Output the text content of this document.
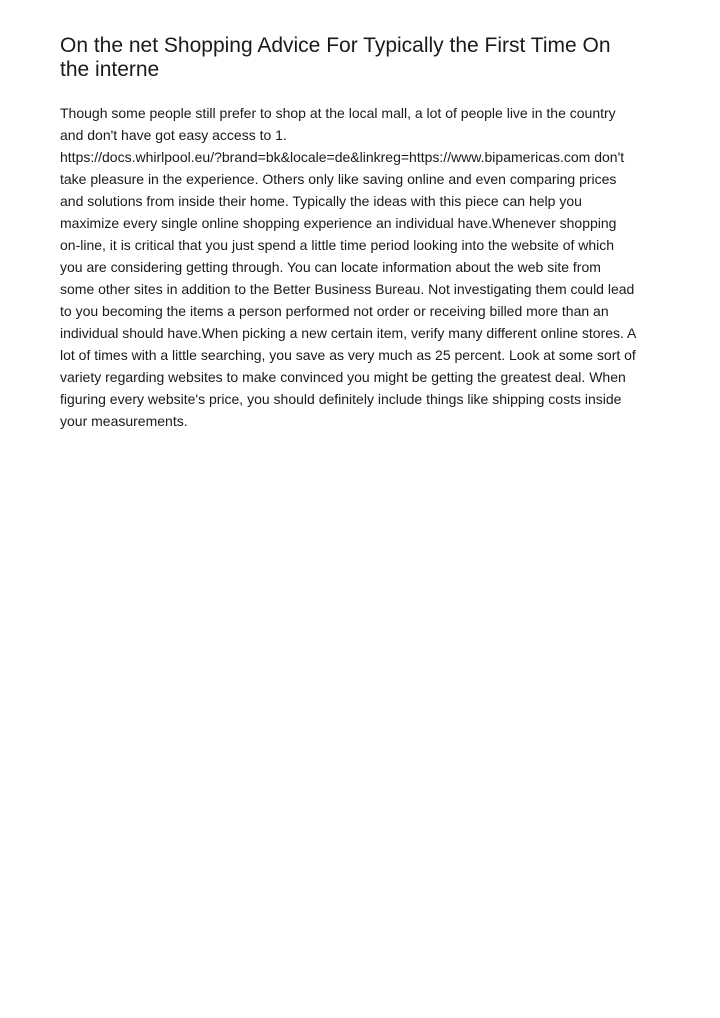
On the net Shopping Advice For Typically the First Time On
the interne
Though some people still prefer to shop at the local mall, a lot of people live in the country
and don't have got easy access to 1.
https://docs.whirlpool.eu/?brand=bk&locale=de&linkreg=https://www.bipamericas.com don't
take pleasure in the experience. Others only like saving online and even comparing prices
and solutions from inside their home. Typically the ideas with this piece can help you
maximize every single online shopping experience an individual have.Whenever shopping
on-line, it is critical that you just spend a little time period looking into the website of which
you are considering getting through. You can locate information about the web site from
some other sites in addition to the Better Business Bureau. Not investigating them could lead
to you becoming the items a person performed not order or receiving billed more than an
individual should have.When picking a new certain item, verify many different online stores. A
lot of times with a little searching, you save as very much as 25 percent. Look at some sort of
variety regarding websites to make convinced you might be getting the greatest deal. When
figuring every website's price, you should definitely include things like shipping costs inside
your measurements.
